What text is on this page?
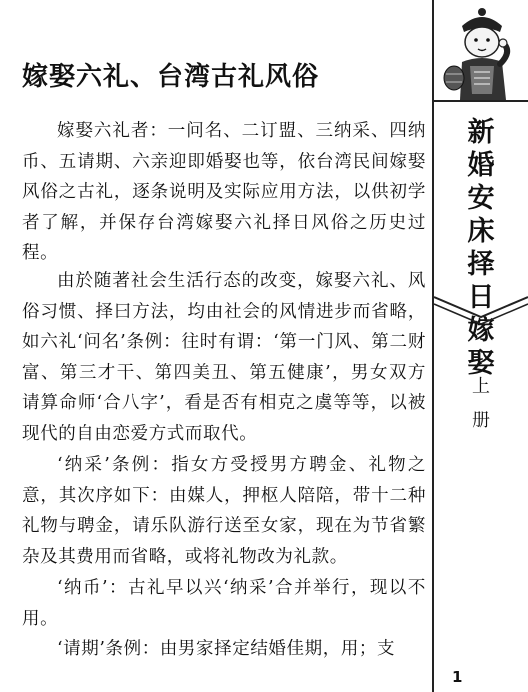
嫁娶六礼、台湾古礼风俗

嫁娶六礼者：一问名、二订盟、三纳采、四纳币、五请期、六亲迎即婚娶也等，依台湾民间嫁娶风俗之古礼，逐条说明及实际应用方法，以供初学者了解，并保存台湾嫁娶六礼择日风俗之历史过程。

由於随著社会生活行态的改变，嫁娶六礼、风俗习惯、择曰方法，均由社会的风情进步而省略，如六礼‘问名’条例：往时有谓：‘第一门风、第二财富、第三才干、第四美丑、第五健康’，男女双方请算命师‘合八字’，看是否有相克之虞等等，以被现代的自由恋爱方式而取代。

‘纳采’条例：指女方受授男方聘金、礼物之意，其次序如下：由媒人，押枢人陪陪，带十二种礼物与聘金，请乐队游行送至女家，现在为节省繁杂及其费用而省略，或将礼物改为礼款。

‘纳币’：古礼早以兴‘纳采’合并举行，现以不用。

‘请期’条例：由男家择定结婚佳期，用；支

新婚安床择日嫁娶
上册
1
